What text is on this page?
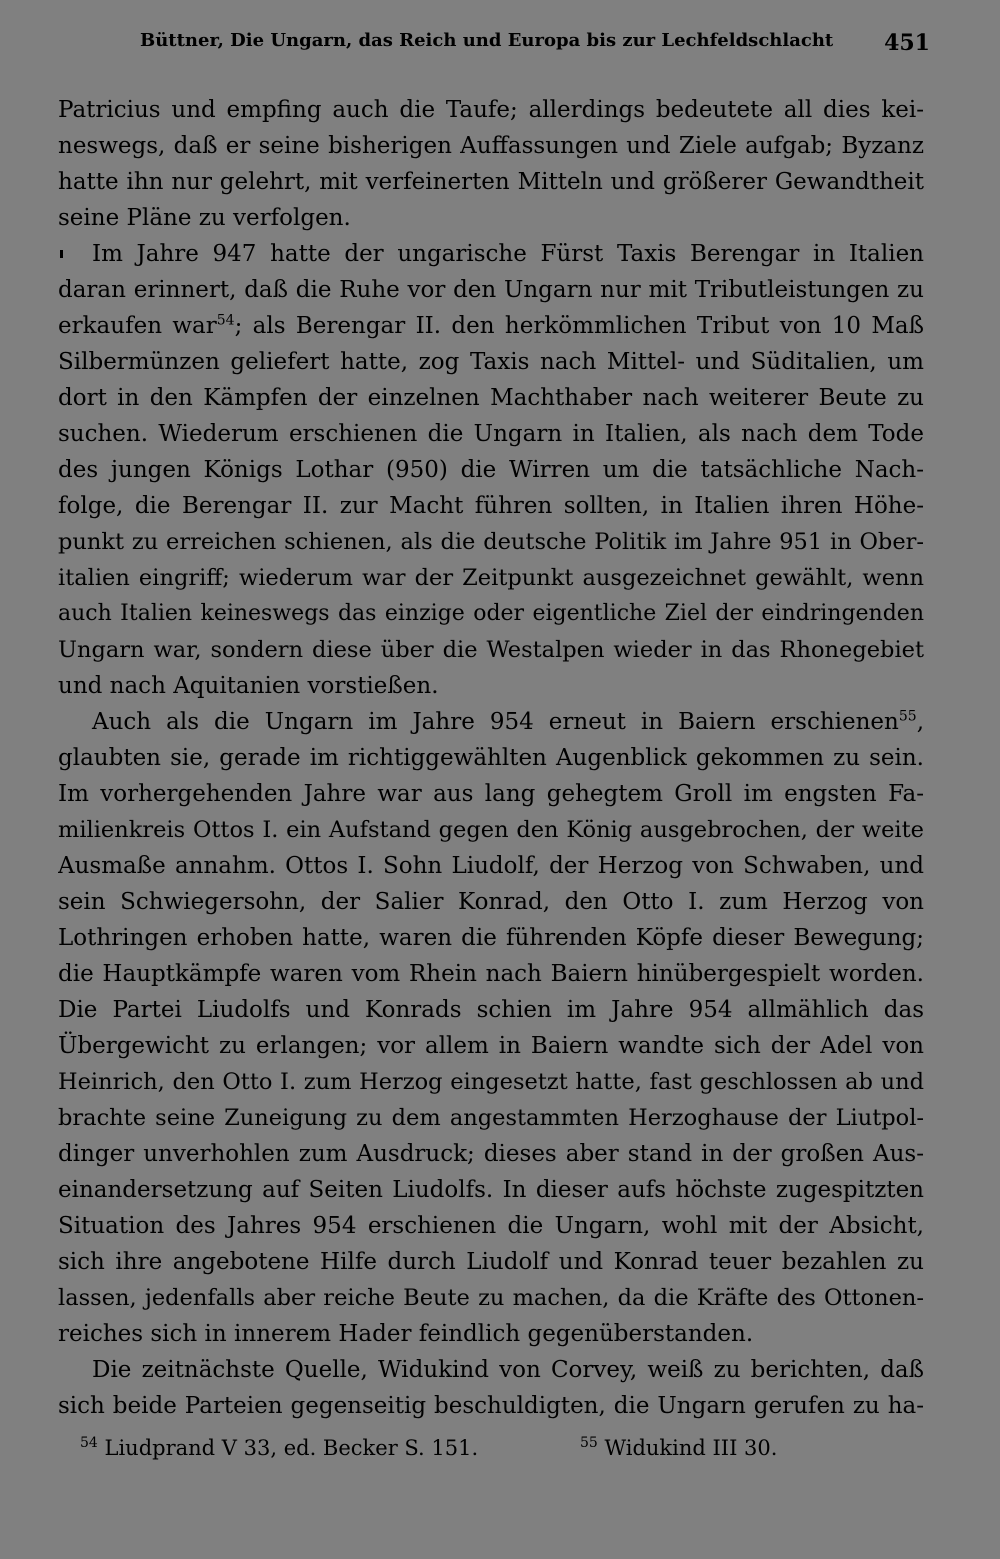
Büttner, Die Ungarn, das Reich und Europa bis zur Lechfeldschlacht 451
Patricius und empfing auch die Taufe; allerdings bedeutete all dies kei-
neswegs, daß er seine bisherigen Auffassungen und Ziele aufgab; Byzanz
hatte ihn nur gelehrt, mit verfeinerten Mitteln und größerer Gewandtheit
seine Pläne zu verfolgen.
Im Jahre 947 hatte der ungarische Fürst Taxis Berengar in Italien
daran erinnert, daß die Ruhe vor den Ungarn nur mit Tributleistungen zu
erkaufen war$^{54}$; als Berengar II. den herkömmlichen Tribut von 10 Maß
Silbermünzen geliefert hatte, zog Taxis nach Mittel- und Süditalien, um
dort in den Kämpfen der einzelnen Machthaber nach weiterer Beute zu
suchen. Wiederum erschienen die Ungarn in Italien, als nach dem Tode
des jungen Königs Lothar (950) die Wirren um die tatsächliche Nach-
folge, die Berengar II. zur Macht führen sollten, in Italien ihren Höhe-
punkt zu erreichen schienen, als die deutsche Politik im Jahre 951 in Ober-
italien eingriff; wiederum war der Zeitpunkt ausgezeichnet gewählt, wenn
auch Italien keineswegs das einzige oder eigentliche Ziel der eindringenden
Ungarn war, sondern diese über die Westalpen wieder in das Rhonegebiet
und nach Aquitanien vorstießen.
Auch als die Ungarn im Jahre 954 erneut in Baiern erschienen$^{55}$,
glaubten sie, gerade im richtiggewählten Augenblick gekommen zu sein.
Im vorhergehenden Jahre war aus lang gehegtem Groll im engsten Fa-
milienkreis Ottos I. ein Aufstand gegen den König ausgebrochen, der weite
Ausmaße annahm. Ottos I. Sohn Liudolf, der Herzog von Schwaben, und
sein Schwiegersohn, der Salier Konrad, den Otto I. zum Herzog von
Lothringen erhoben hatte, waren die führenden Köpfe dieser Bewegung;
die Hauptkämpfe waren vom Rhein nach Baiern hinübergespielt worden.
Die Partei Liudolfs und Konrads schien im Jahre 954 allmählich das
Übergewicht zu erlangen; vor allem in Baiern wandte sich der Adel von
Heinrich, den Otto I. zum Herzog eingesetzt hatte, fast geschlossen ab und
brachte seine Zuneigung zu dem angestammten Herzoghause der Liutpol-
dinger unverhohlen zum Ausdruck; dieses aber stand in der großen Aus-
einandersetzung auf Seiten Liudolfs. In dieser aufs höchste zugespitzten
Situation des Jahres 954 erschienen die Ungarn, wohl mit der Absicht,
sich ihre angebotene Hilfe durch Liudolf und Konrad teuer bezahlen zu
lassen, jedenfalls aber reiche Beute zu machen, da die Kräfte des Ottonen-
reiches sich in innerem Hader feindlich gegenüberstanden.
Die zeitnächste Quelle, Widukind von Corvey, weiß zu berichten, daß
sich beide Parteien gegenseitig beschuldigten, die Ungarn gerufen zu ha-
$^{54}$ Liudprand V 33, ed. Becker S. 151.	$^{55}$ Widukind III 30.
